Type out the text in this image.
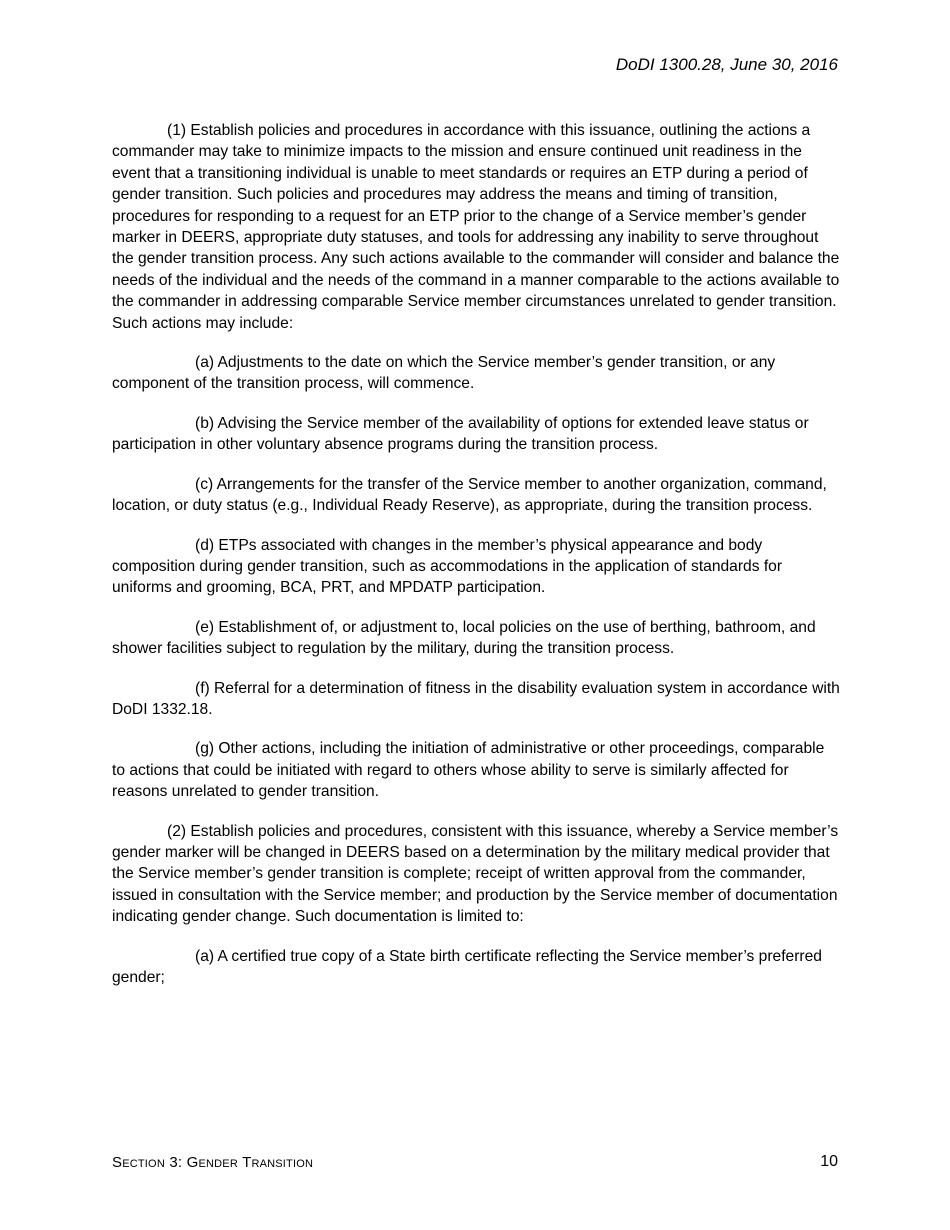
DoDI 1300.28, June 30, 2016

(1) Establish policies and procedures in accordance with this issuance, outlining the actions a commander may take to minimize impacts to the mission and ensure continued unit readiness in the event that a transitioning individual is unable to meet standards or requires an ETP during a period of gender transition. Such policies and procedures may address the means and timing of transition, procedures for responding to a request for an ETP prior to the change of a Service member’s gender marker in DEERS, appropriate duty statuses, and tools for addressing any inability to serve throughout the gender transition process. Any such actions available to the commander will consider and balance the needs of the individual and the needs of the command in a manner comparable to the actions available to the commander in addressing comparable Service member circumstances unrelated to gender transition. Such actions may include:

(a) Adjustments to the date on which the Service member’s gender transition, or any component of the transition process, will commence.

(b) Advising the Service member of the availability of options for extended leave status or participation in other voluntary absence programs during the transition process.

(c) Arrangements for the transfer of the Service member to another organization, command, location, or duty status (e.g., Individual Ready Reserve), as appropriate, during the transition process.

(d) ETPs associated with changes in the member’s physical appearance and body composition during gender transition, such as accommodations in the application of standards for uniforms and grooming, BCA, PRT, and MPDATP participation.

(e) Establishment of, or adjustment to, local policies on the use of berthing, bathroom, and shower facilities subject to regulation by the military, during the transition process.

(f) Referral for a determination of fitness in the disability evaluation system in accordance with DoDI 1332.18.

(g) Other actions, including the initiation of administrative or other proceedings, comparable to actions that could be initiated with regard to others whose ability to serve is similarly affected for reasons unrelated to gender transition.

(2) Establish policies and procedures, consistent with this issuance, whereby a Service member’s gender marker will be changed in DEERS based on a determination by the military medical provider that the Service member’s gender transition is complete; receipt of written approval from the commander, issued in consultation with the Service member; and production by the Service member of documentation indicating gender change. Such documentation is limited to:

(a) A certified true copy of a State birth certificate reflecting the Service member’s preferred gender;

Section 3: Gender Transition	10
